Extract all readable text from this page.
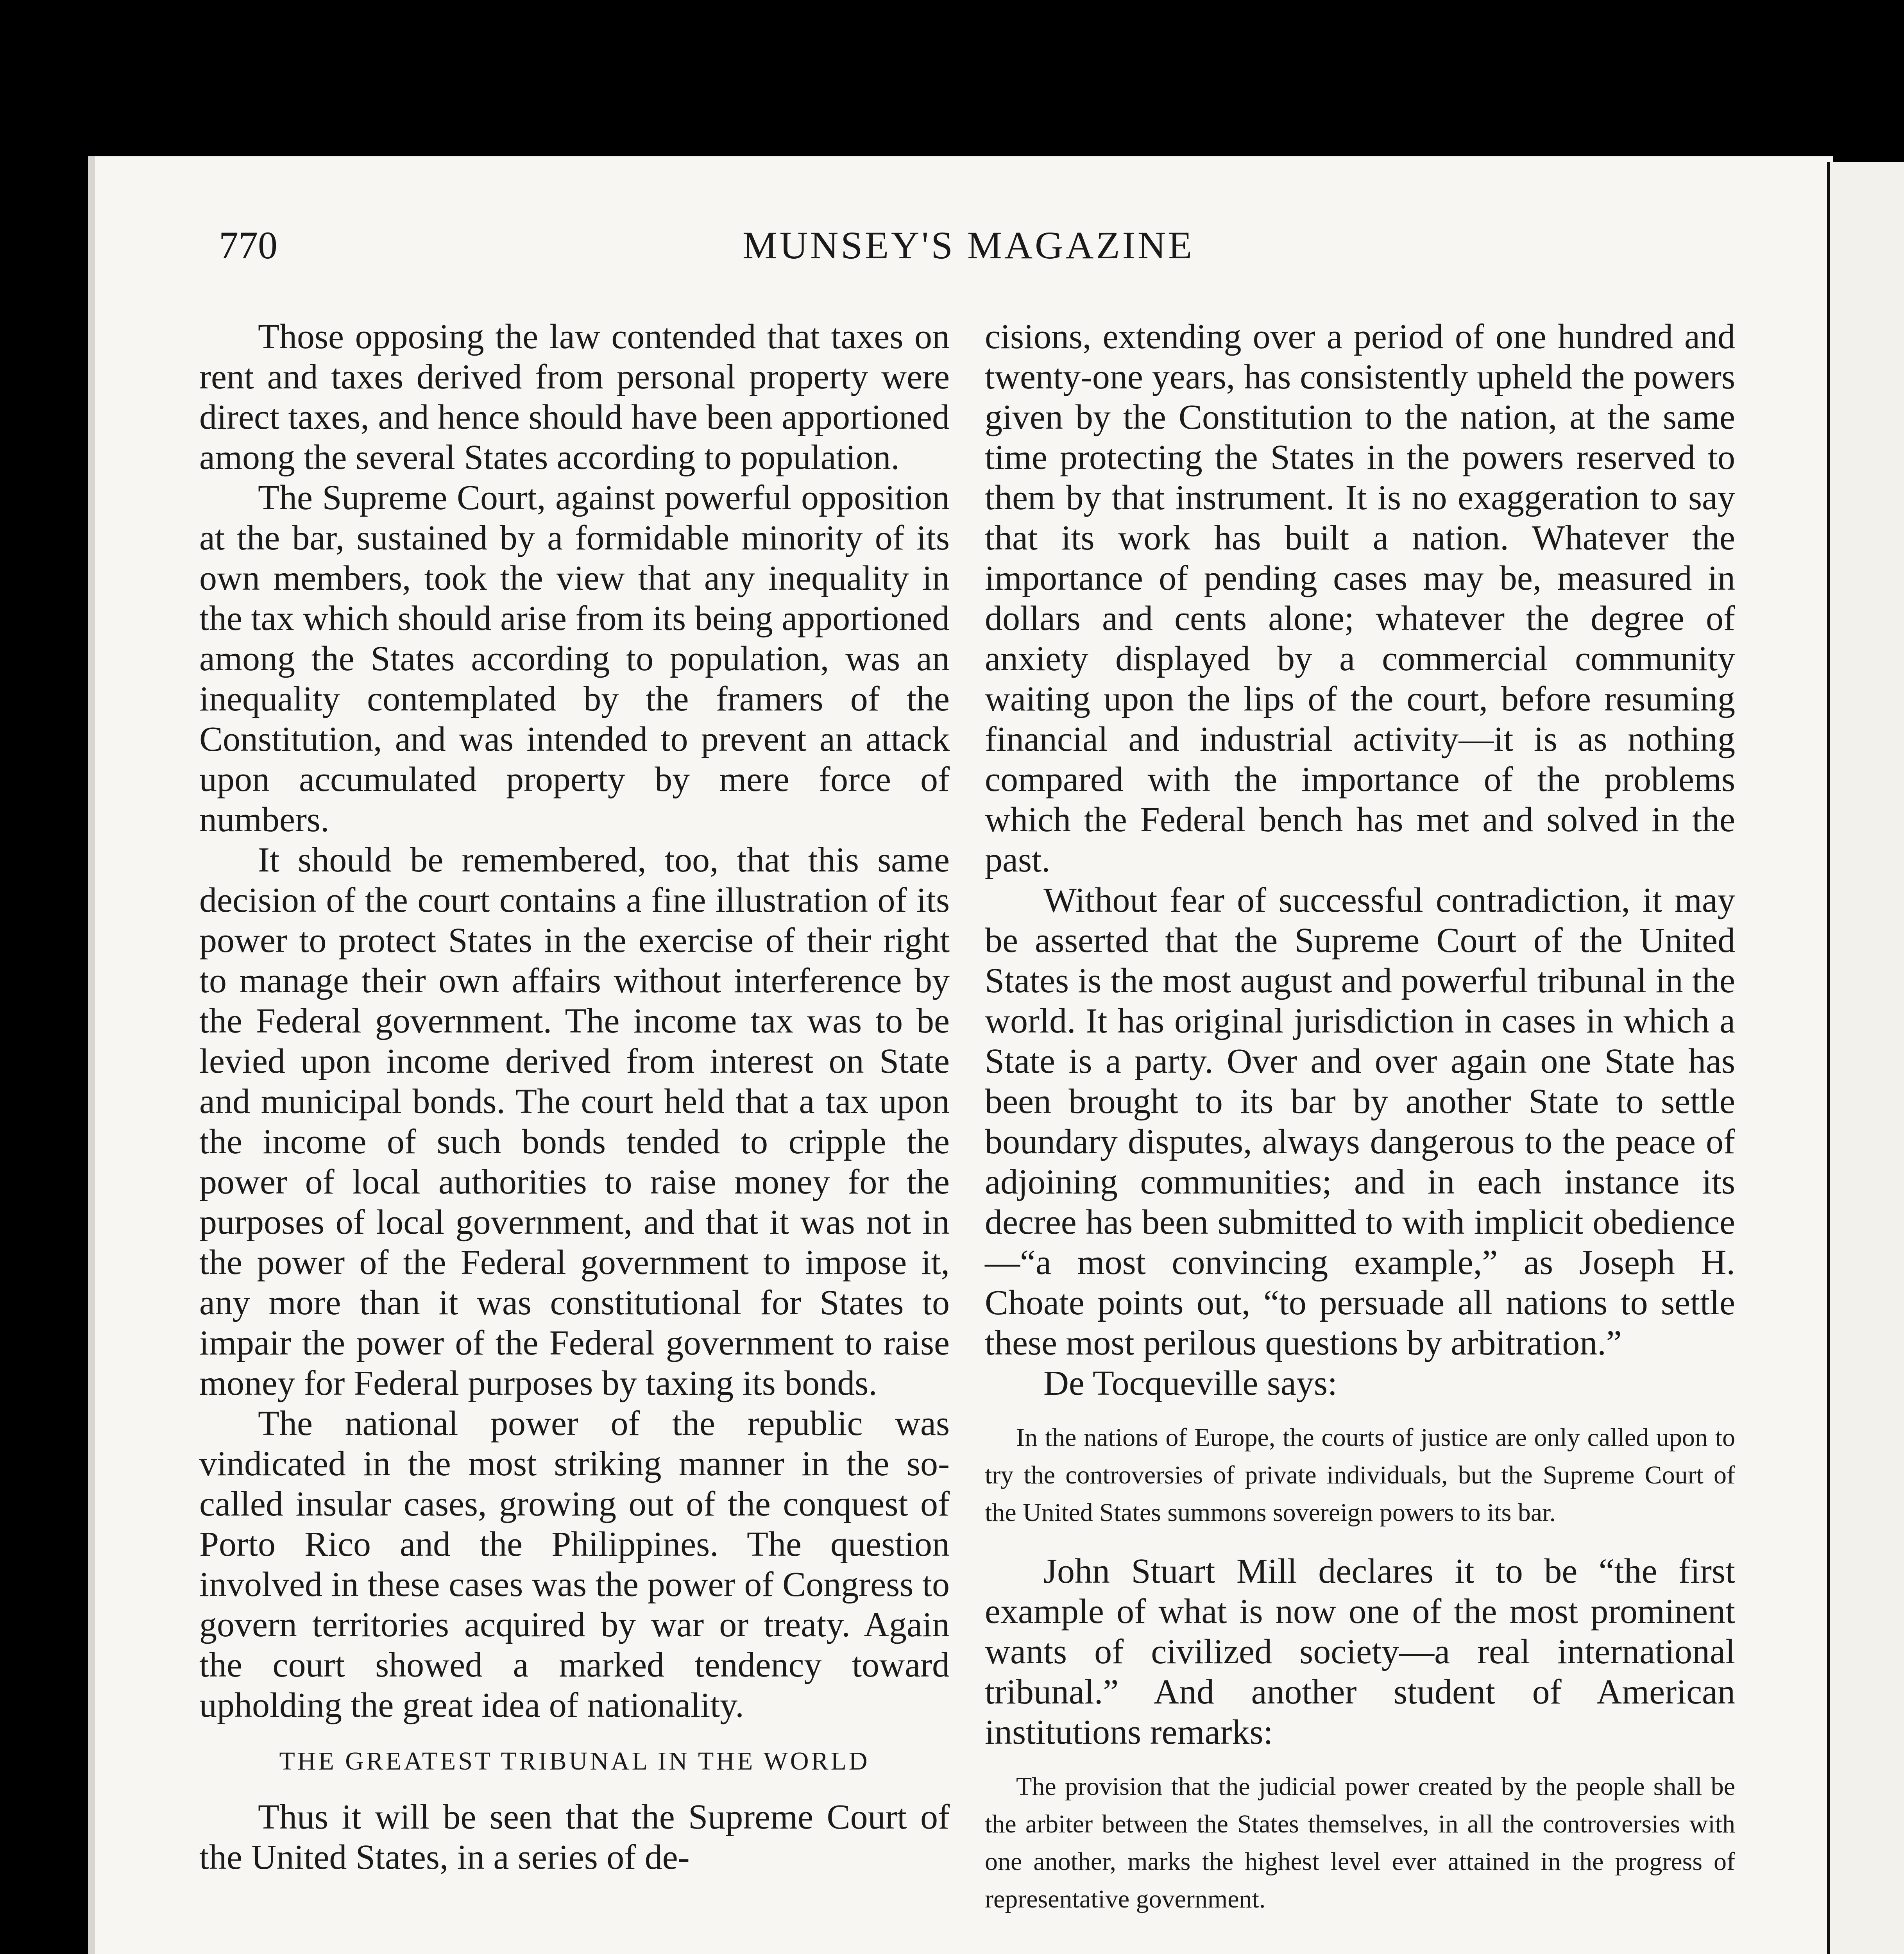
770	MUNSEY'S MAGAZINE

Those opposing the law contended that taxes on rent and taxes derived from personal property were direct taxes, and hence should have been apportioned among the several States according to population.

The Supreme Court, against powerful opposition at the bar, sustained by a formidable minority of its own members, took the view that any inequality in the tax which should arise from its being apportioned among the States according to population, was an inequality contemplated by the framers of the Constitution, and was intended to prevent an attack upon accumulated property by mere force of numbers.

It should be remembered, too, that this same decision of the court contains a fine illustration of its power to protect States in the exercise of their right to manage their own affairs without interference by the Federal government. The income tax was to be levied upon income derived from interest on State and municipal bonds. The court held that a tax upon the income of such bonds tended to cripple the power of local authorities to raise money for the purposes of local government, and that it was not in the power of the Federal government to impose it, any more than it was constitutional for States to impair the power of the Federal government to raise money for Federal purposes by taxing its bonds.

The national power of the republic was vindicated in the most striking manner in the so-called insular cases, growing out of the conquest of Porto Rico and the Philippines. The question involved in these cases was the power of Congress to govern territories acquired by war or treaty. Again the court showed a marked tendency toward upholding the great idea of nationality.

THE GREATEST TRIBUNAL IN THE WORLD

Thus it will be seen that the Supreme Court of the United States, in a series of de-

cisions, extending over a period of one hundred and twenty-one years, has consistently upheld the powers given by the Constitution to the nation, at the same time protecting the States in the powers reserved to them by that instrument. It is no exaggeration to say that its work has built a nation. Whatever the importance of pending cases may be, measured in dollars and cents alone; whatever the degree of anxiety displayed by a commercial community waiting upon the lips of the court, before resuming financial and industrial activity—it is as nothing compared with the importance of the problems which the Federal bench has met and solved in the past.

Without fear of successful contradiction, it may be asserted that the Supreme Court of the United States is the most august and powerful tribunal in the world. It has original jurisdiction in cases in which a State is a party. Over and over again one State has been brought to its bar by another State to settle boundary disputes, always dangerous to the peace of adjoining communities; and in each instance its decree has been submitted to with implicit obedience—“a most convincing example,” as Joseph H. Choate points out, “to persuade all nations to settle these most perilous questions by arbitration.”

De Tocqueville says:

In the nations of Europe, the courts of justice are only called upon to try the controversies of private individuals, but the Supreme Court of the United States summons sovereign powers to its bar.

John Stuart Mill declares it to be “the first example of what is now one of the most prominent wants of civilized society—a real international tribunal.” And another student of American institutions remarks:

The provision that the judicial power created by the people shall be the arbiter between the States themselves, in all the controversies with one another, marks the highest level ever attained in the progress of representative government.
